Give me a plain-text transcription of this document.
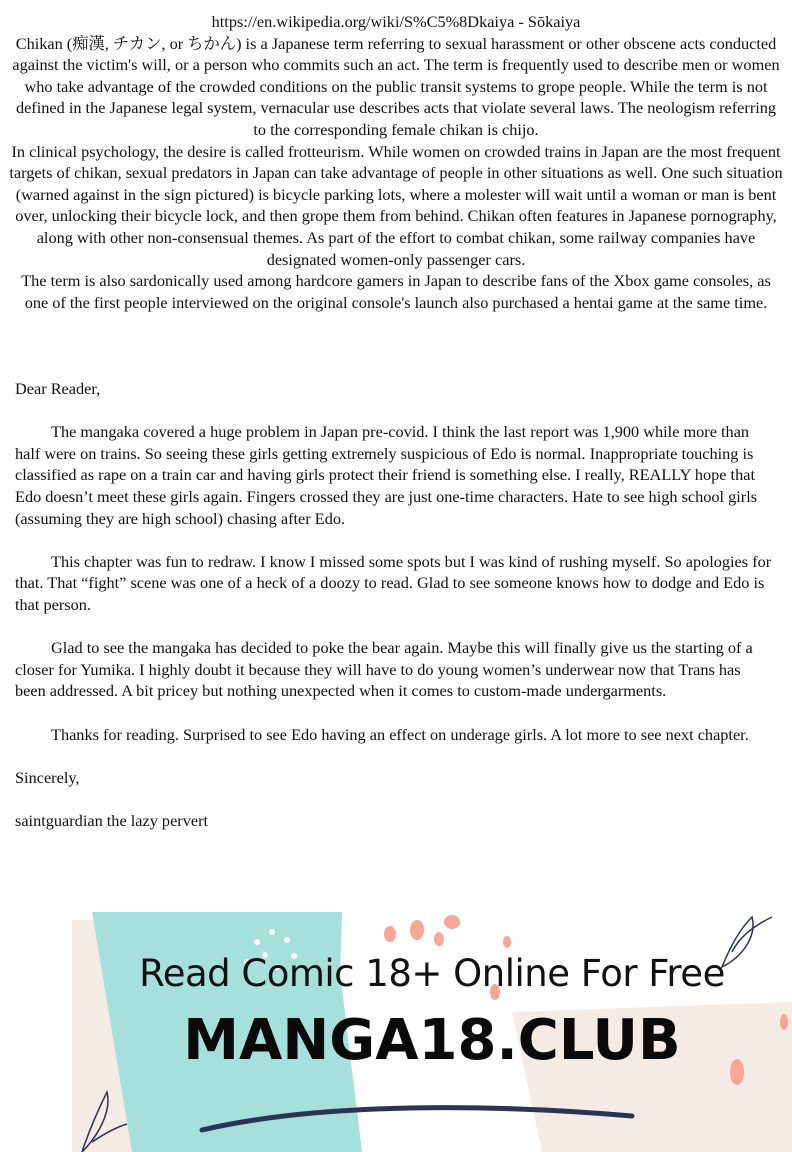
https://en.wikipedia.org/wiki/S%C5%8Dkaiya - Sōkaiya

Chikan (痴漢, チカン, or ちかん) is a Japanese term referring to sexual harassment or other obscene acts conducted against the victim's will, or a person who commits such an act. The term is frequently used to describe men or women who take advantage of the crowded conditions on the public transit systems to grope people. While the term is not defined in the Japanese legal system, vernacular use describes acts that violate several laws. The neologism referring to the corresponding female chikan is chijo.

In clinical psychology, the desire is called frotteurism. While women on crowded trains in Japan are the most frequent targets of chikan, sexual predators in Japan can take advantage of people in other situations as well. One such situation (warned against in the sign pictured) is bicycle parking lots, where a molester will wait until a woman or man is bent over, unlocking their bicycle lock, and then grope them from behind. Chikan often features in Japanese pornography, along with other non-consensual themes. As part of the effort to combat chikan, some railway companies have designated women-only passenger cars.

The term is also sardonically used among hardcore gamers in Japan to describe fans of the Xbox game consoles, as one of the first people interviewed on the original console's launch also purchased a hentai game at the same time.

Dear Reader,

The mangaka covered a huge problem in Japan pre-covid. I think the last report was 1,900 while more than half were on trains. So seeing these girls getting extremely suspicious of Edo is normal. Inappropriate touching is classified as rape on a train car and having girls protect their friend is something else. I really, REALLY hope that Edo doesn’t meet these girls again. Fingers crossed they are just one-time characters. Hate to see high school girls (assuming they are high school) chasing after Edo.

This chapter was fun to redraw. I know I missed some spots but I was kind of rushing myself. So apologies for that. That “fight” scene was one of a heck of a doozy to read. Glad to see someone knows how to dodge and Edo is that person.

Glad to see the mangaka has decided to poke the bear again. Maybe this will finally give us the starting of a closer for Yumika. I highly doubt it because they will have to do young women’s underwear now that Trans has been addressed. A bit pricey but nothing unexpected when it comes to custom-made undergarments.

Thanks for reading. Surprised to see Edo having an effect on underage girls. A lot more to see next chapter.

Sincerely,

saintguardian the lazy pervert

Read Comic 18+ Online For Free
MANGA18.CLUB
